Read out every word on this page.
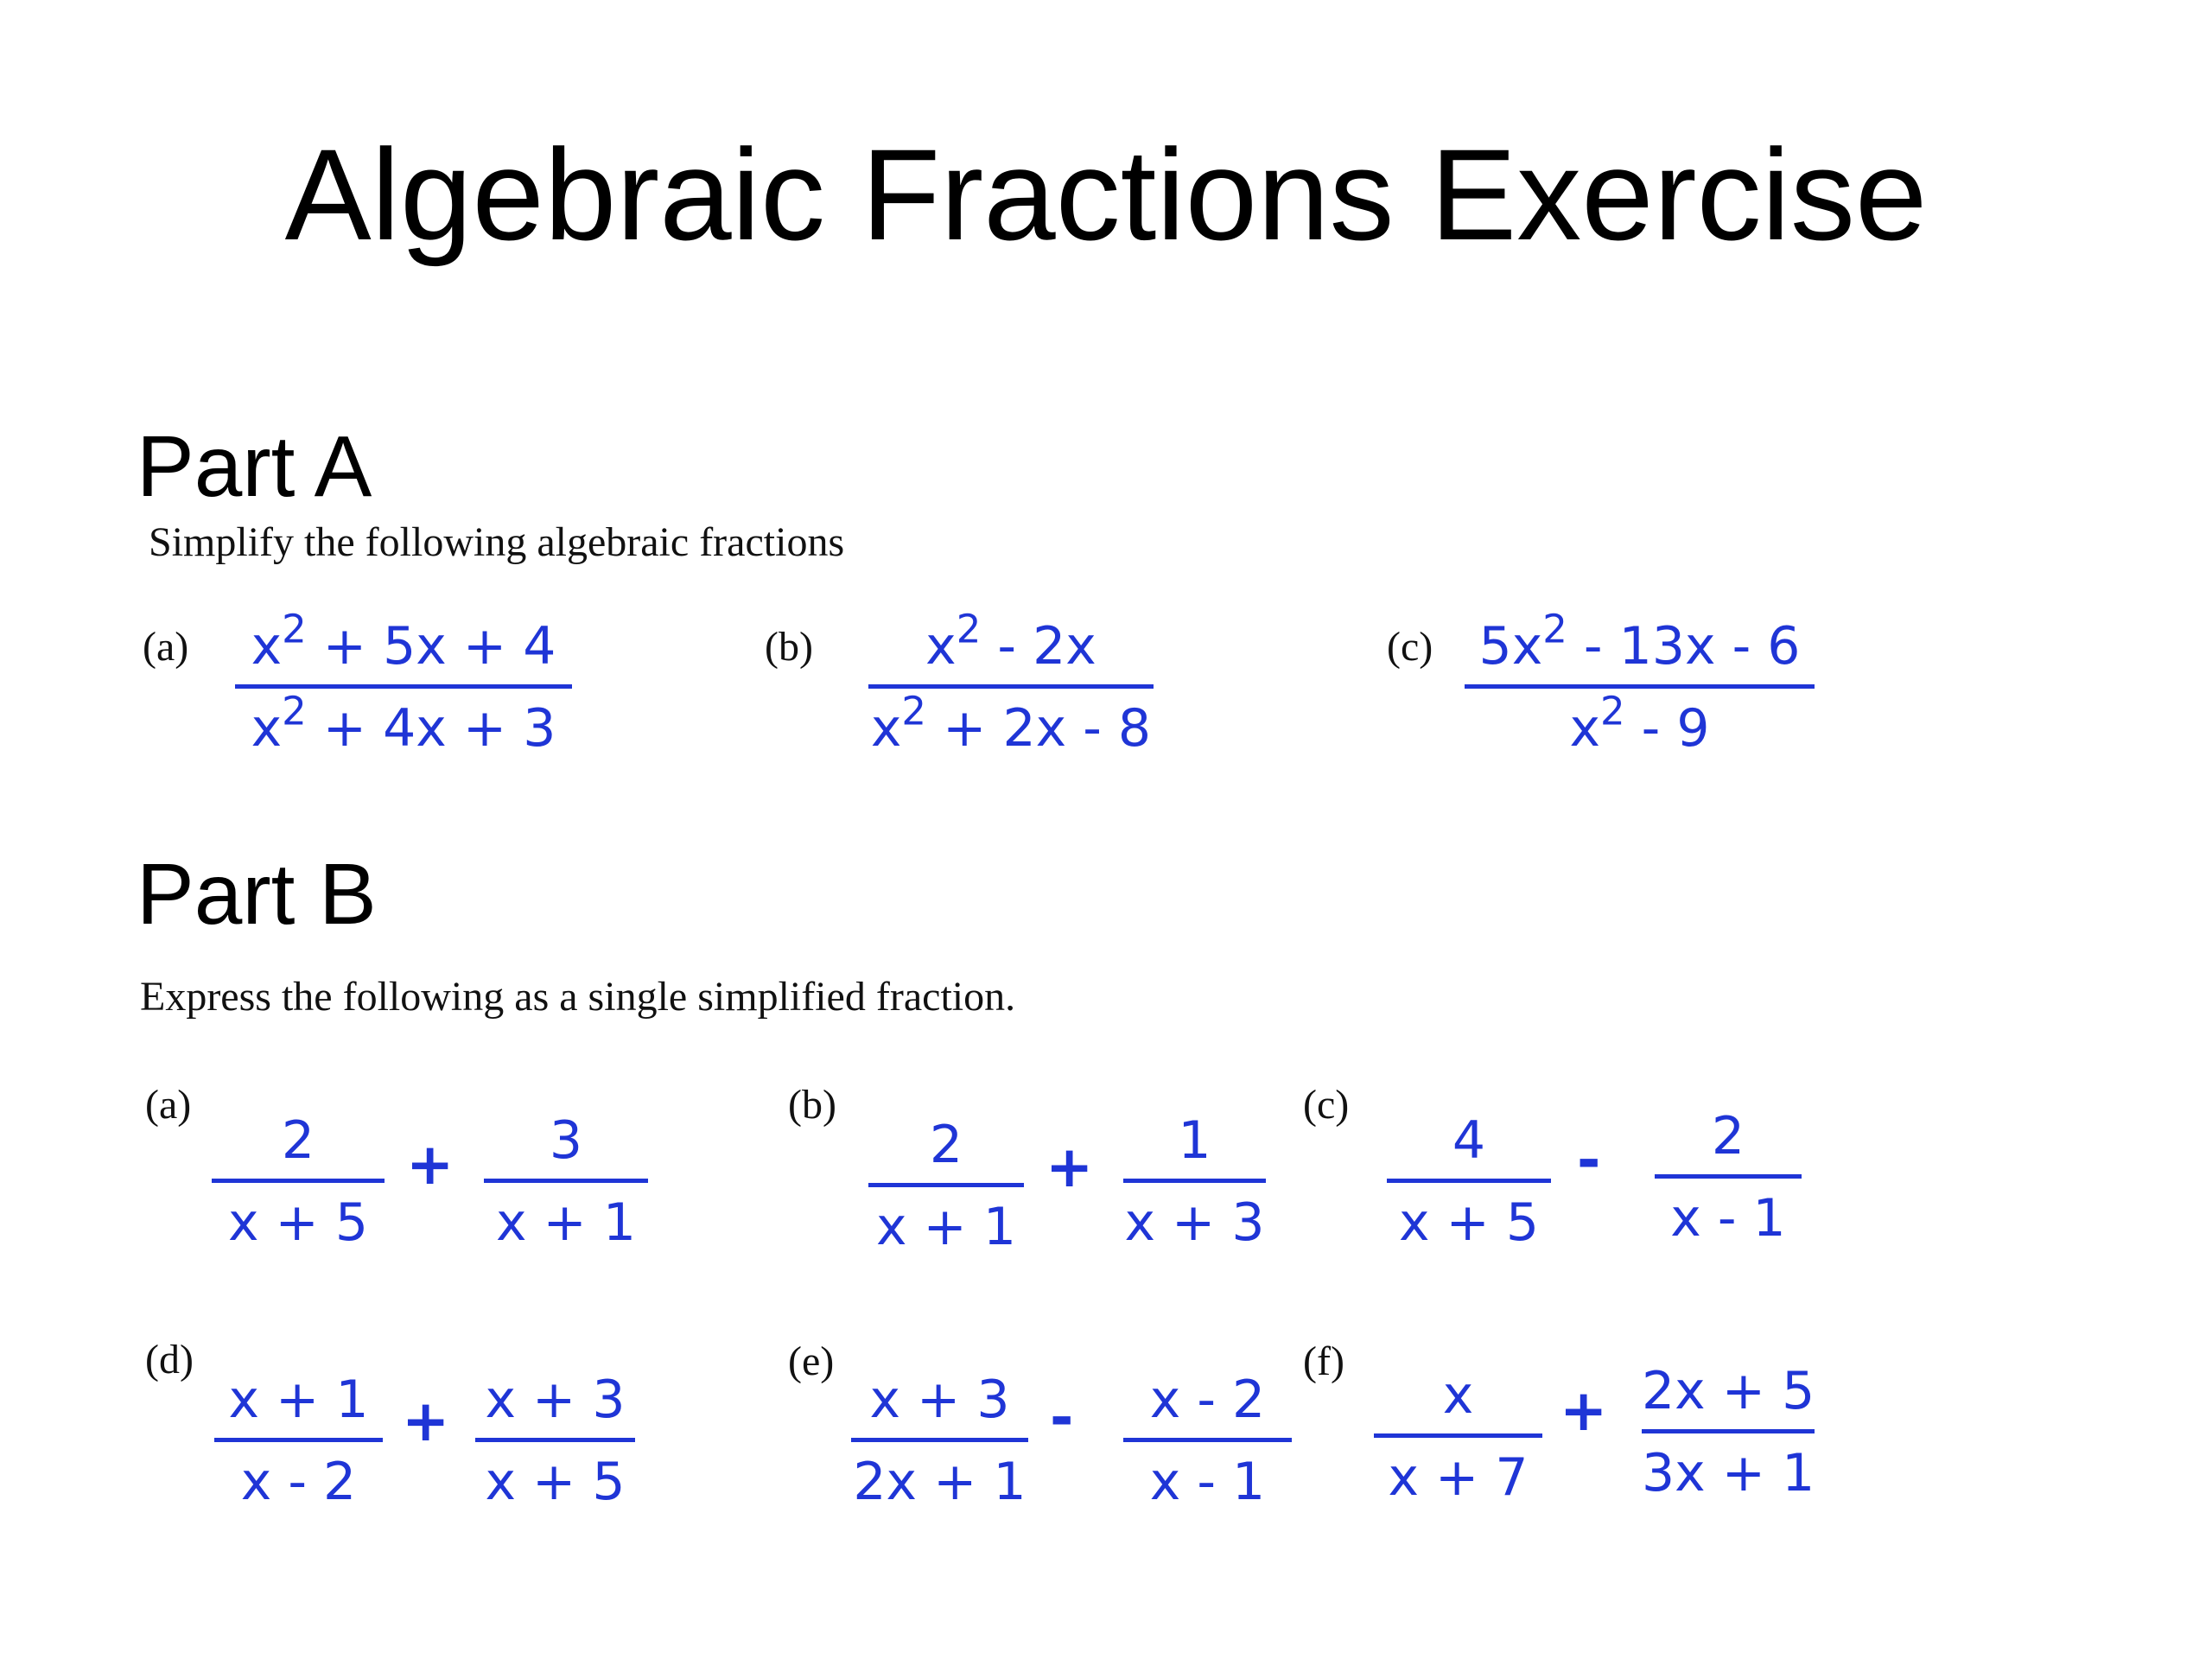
Algebraic Fractions Exercise
Part A
Simplify the following algebraic fractions
(a)	$x^2 + 5x + 4$
$x^2 + 4x + 3$
(b)	$x^2 - 2x$
$x^2 + 2x - 8$
(c) $5x^2 - 13x - 6$
$x^2 - 9$
Part B
Express the following as a single simplified fraction.
(a)
2
x + 5
+	3
x + 1
(b)
2
x + 1
+	1
x + 3
(c)
4
x + 5
-	2
x - 1
(d)
x + 1
x - 2
+ x + 3
x + 5
(e)
x + 3
2x + 1
-	x - 2
x - 1
(f)
x
x + 7
+ 2x + 5
3x + 1
